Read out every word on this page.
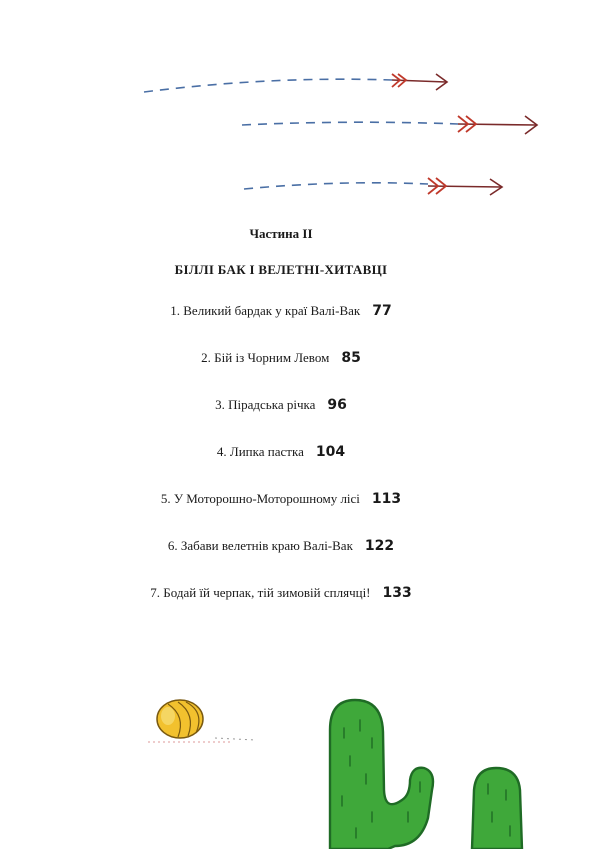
Частина II
БІЛЛІ БАК І ВЕЛЕТНІ-ХИТАВЦІ
1. Великий бардак у краї Валі-Вак 77
2. Бій із Чорним Левом 85
3. Пірадська річка 96
4. Липка пастка 104
5. У Моторошно-Моторошному лісі 113
6. Забави велетнів краю Валі-Вак 122
7. Бодай їй черпак, тій зимовій сплячці! 133
